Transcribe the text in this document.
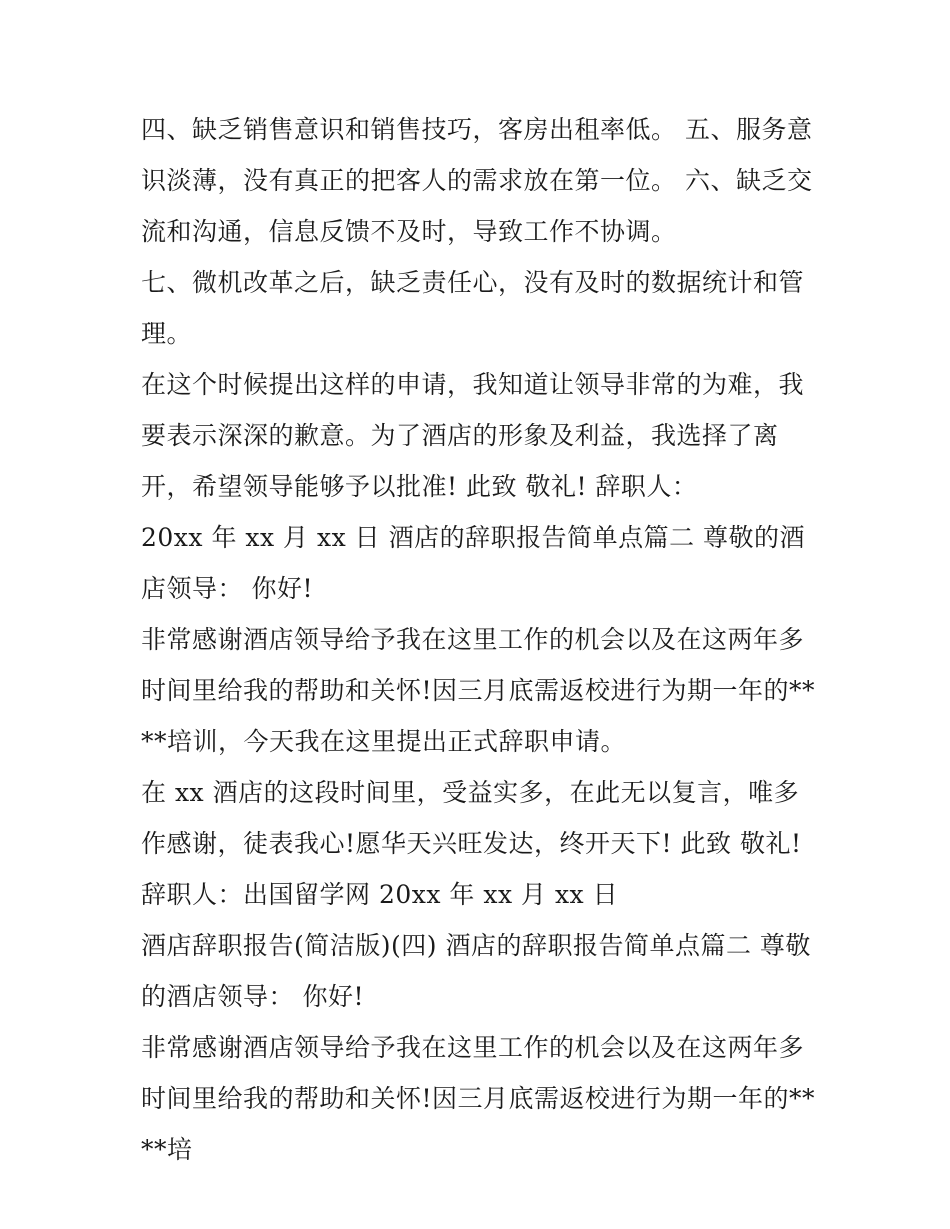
四、缺乏销售意识和销售技巧，客房出租率低。 五、服务意识淡薄，没有真正的把客人的需求放在第一位。 六、缺乏交流和沟通，信息反馈不及时，导致工作不协调。

七、微机改革之后，缺乏责任心，没有及时的数据统计和管理。

在这个时候提出这样的申请，我知道让领导非常的为难，我要表示深深的歉意。为了酒店的形象及利益，我选择了离开，希望领导能够予以批准! 此致 敬礼! 辞职人：

20xx 年 xx 月 xx 日 酒店的辞职报告简单点篇二 尊敬的酒店领导： 你好!

非常感谢酒店领导给予我在这里工作的机会以及在这两年多时间里给我的帮助和关怀!因三月底需返校进行为期一年的****培训，今天我在这里提出正式辞职申请。

在 xx 酒店的这段时间里，受益实多，在此无以复言，唯多作感谢，徒表我心!愿华天兴旺发达，终开天下! 此致 敬礼! 辞职人：出国留学网 20xx 年 xx 月 xx 日

酒店辞职报告(简洁版)(四) 酒店的辞职报告简单点篇二 尊敬的酒店领导： 你好!

非常感谢酒店领导给予我在这里工作的机会以及在这两年多时间里给我的帮助和关怀!因三月底需返校进行为期一年的****培
